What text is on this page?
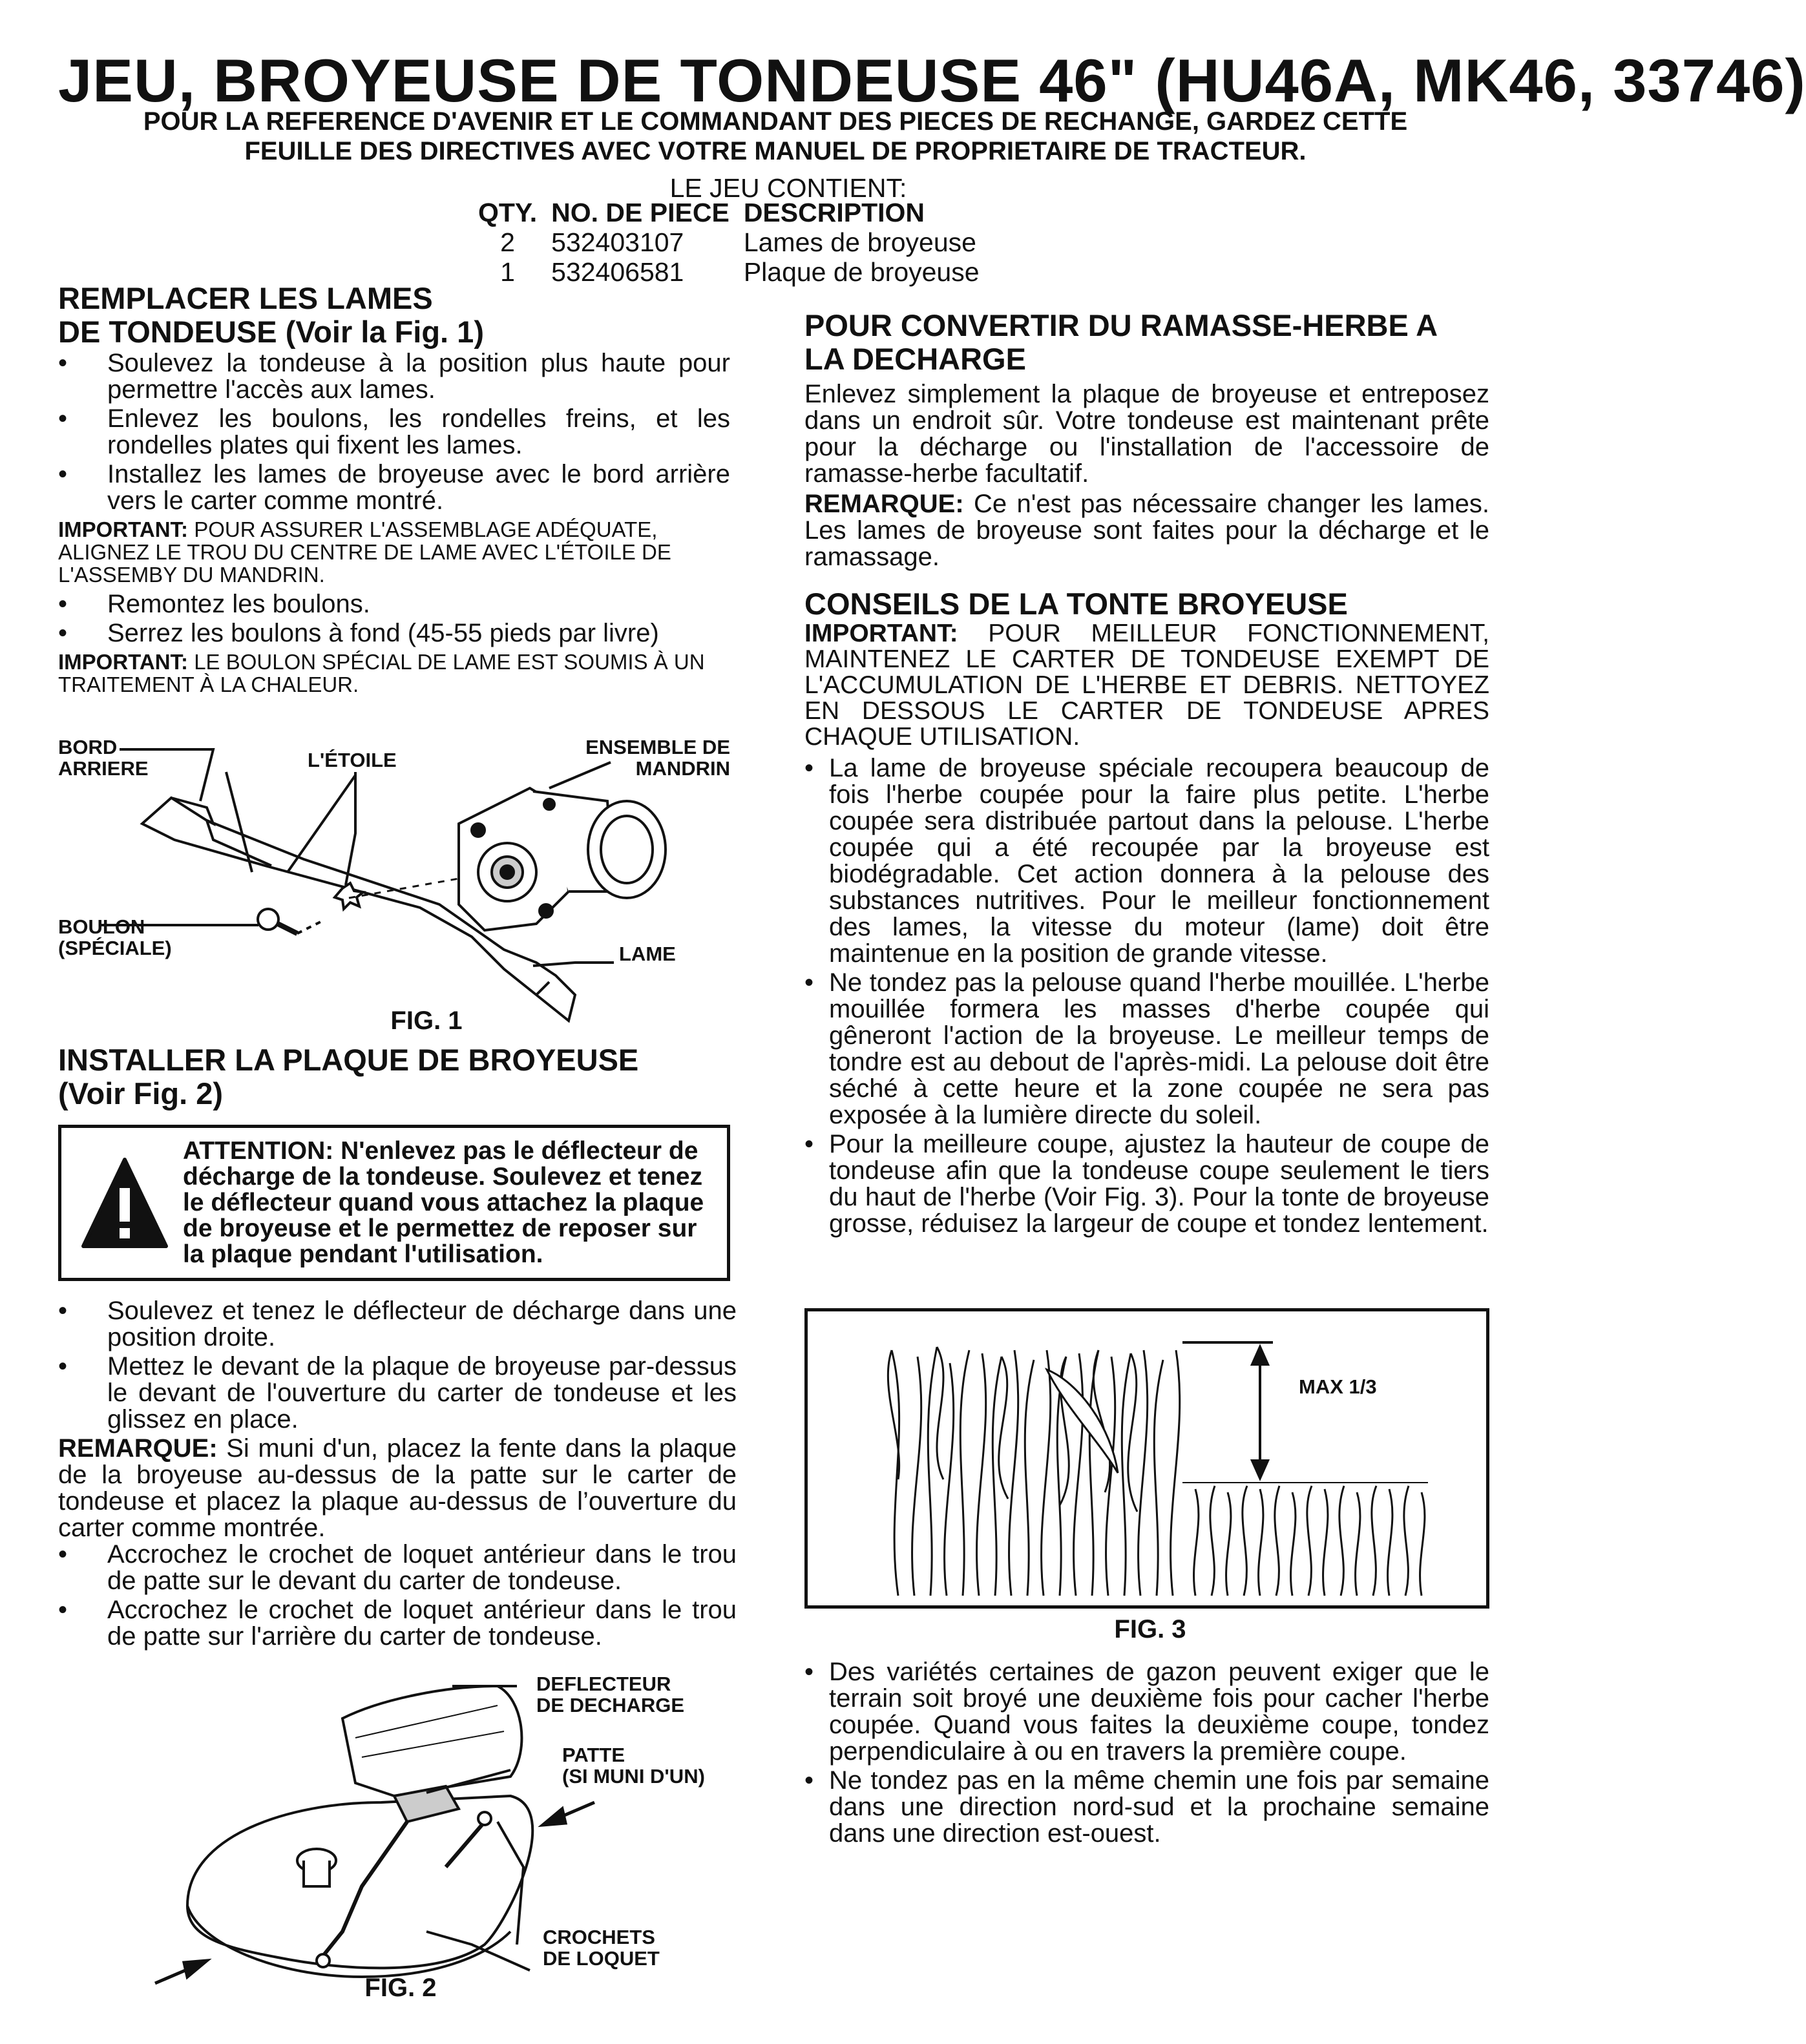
JEU, BROYEUSE DE TONDEUSE 46" (HU46A, MK46, 33746)
POUR LA REFERENCE D'AVENIR ET LE COMMANDANT DES PIECES DE RECHANGE, GARDEZ CETTE
FEUILLE DES DIRECTIVES AVEC VOTRE MANUEL DE PROPRIETAIRE DE TRACTEUR.
LE JEU CONTIENT:
QTY.	NO. DE PIECE	DESCRIPTION
2	532403107	Lames de broyeuse
1	532406581	Plaque de broyeuse
REMPLACER LES LAMES
DE TONDEUSE (Voir la Fig. 1)
• Soulevez la tondeuse à la position plus haute pour permettre l'accès aux lames.
• Enlevez les boulons, les rondelles freins, et les rondelles plates qui fixent les lames.
• Installez les lames de broyeuse avec le bord arrière vers le carter comme montré.

IMPORTANT: POUR ASSURER L'ASSEMBLAGE ADÉQUATE, ALIGNEZ LE TROU DU CENTRE DE LAME AVEC L'ÉTOILE DE L'ASSEMBY DU MANDRIN.

• Remontez les boulons.
• Serrez les boulons à fond (45-55 pieds par livre)

IMPORTANT: LE BOULON SPÉCIAL DE LAME EST SOUMIS À UN TRAITEMENT À LA CHALEUR.

BORD
ARRIERE	L'ÉTOILE
ENSEMBLE DE
MANDRIN
BOULON
(SPÉCIALE)	LAME
FIG. 1
INSTALLER LA PLAQUE DE BROYEUSE
(Voir Fig. 2)
ATTENTION: N'enlevez pas le déflecteur de décharge de la tondeuse. Soulevez et tenez le déflecteur quand vous attachez la plaque de broyeuse et le permettez de reposer sur la plaque pendant l'utilisation.
• Soulevez et tenez le déflecteur de décharge dans une position droite.
• Mettez le devant de la plaque de broyeuse par-dessus le devant de l'ouverture du carter de tondeuse et les glissez en place.

REMARQUE: Si muni d'un, placez la fente dans la plaque de la broyeuse au-dessus de la patte sur le carter de tondeuse et placez la plaque au-dessus de l’ouverture du carter comme montrée.

• Accrochez le crochet de loquet antérieur dans le trou de patte sur le devant du carter de tondeuse.
• Accrochez le crochet de loquet antérieur dans le trou de patte sur l'arrière du carter de tondeuse.
DEFLECTEUR
DE DECHARGE
PATTE
(SI MUNI D'UN)
CROCHETS
DE LOQUET
FIG. 2
POUR CONVERTIR DU RAMASSE-HERBE A
LA DECHARGE

Enlevez simplement la plaque de broyeuse et entreposez dans un endroit sûr. Votre tondeuse est maintenant prête pour la décharge ou l'installation de l'accessoire de ramasse-herbe facultatif.

REMARQUE: Ce n'est pas nécessaire changer les lames. Les lames de broyeuse sont faites pour la décharge et le ramassage.

CONSEILS DE LA TONTE BROYEUSE

IMPORTANT: POUR MEILLEUR FONCTIONNEMENT, MAINTENEZ LE CARTER DE TONDEUSE EXEMPT DE L'ACCUMULATION DE L'HERBE ET DEBRIS. NETTOYEZ EN DESSOUS LE CARTER DE TONDEUSE APRES CHAQUE UTILISATION.

• La lame de broyeuse spéciale recoupera beaucoup de fois l'herbe coupée pour la faire plus petite. L'herbe coupée sera distribuée partout dans la pelouse. L'herbe coupée qui a été recoupée par la broyeuse est biodégradable. Cet action donnera à la pelouse des substances nutritives. Pour le meilleur fonctionnement des lames, la vitesse du moteur (lame) doit être maintenue en la position de grande vitesse.
• Ne tondez pas la pelouse quand l'herbe mouillée. L'herbe mouillée formera les masses d'herbe coupée qui gêneront l'action de la broyeuse. Le meilleur temps de tondre est au debout de l'après-midi. La pelouse doit être séché à cette heure et la zone coupée ne sera pas exposée à la lumière directe du soleil.
• Pour la meilleure coupe, ajustez la hauteur de coupe de tondeuse afin que la tondeuse coupe seulement le tiers du haut de l'herbe (Voir Fig. 3). Pour la tonte de broyeuse grosse, réduisez la largeur de coupe et tondez lentement.
MAX 1/3
FIG. 3
• Des variétés certaines de gazon peuvent exiger que le terrain soit broyé une deuxième fois pour cacher l'herbe coupée. Quand vous faites la deuxième coupe, tondez perpendiculaire à ou en travers la première coupe.
• Ne tondez pas en la même chemin une fois par semaine dans une direction nord-sud et la prochaine semaine dans une direction est-ouest.
